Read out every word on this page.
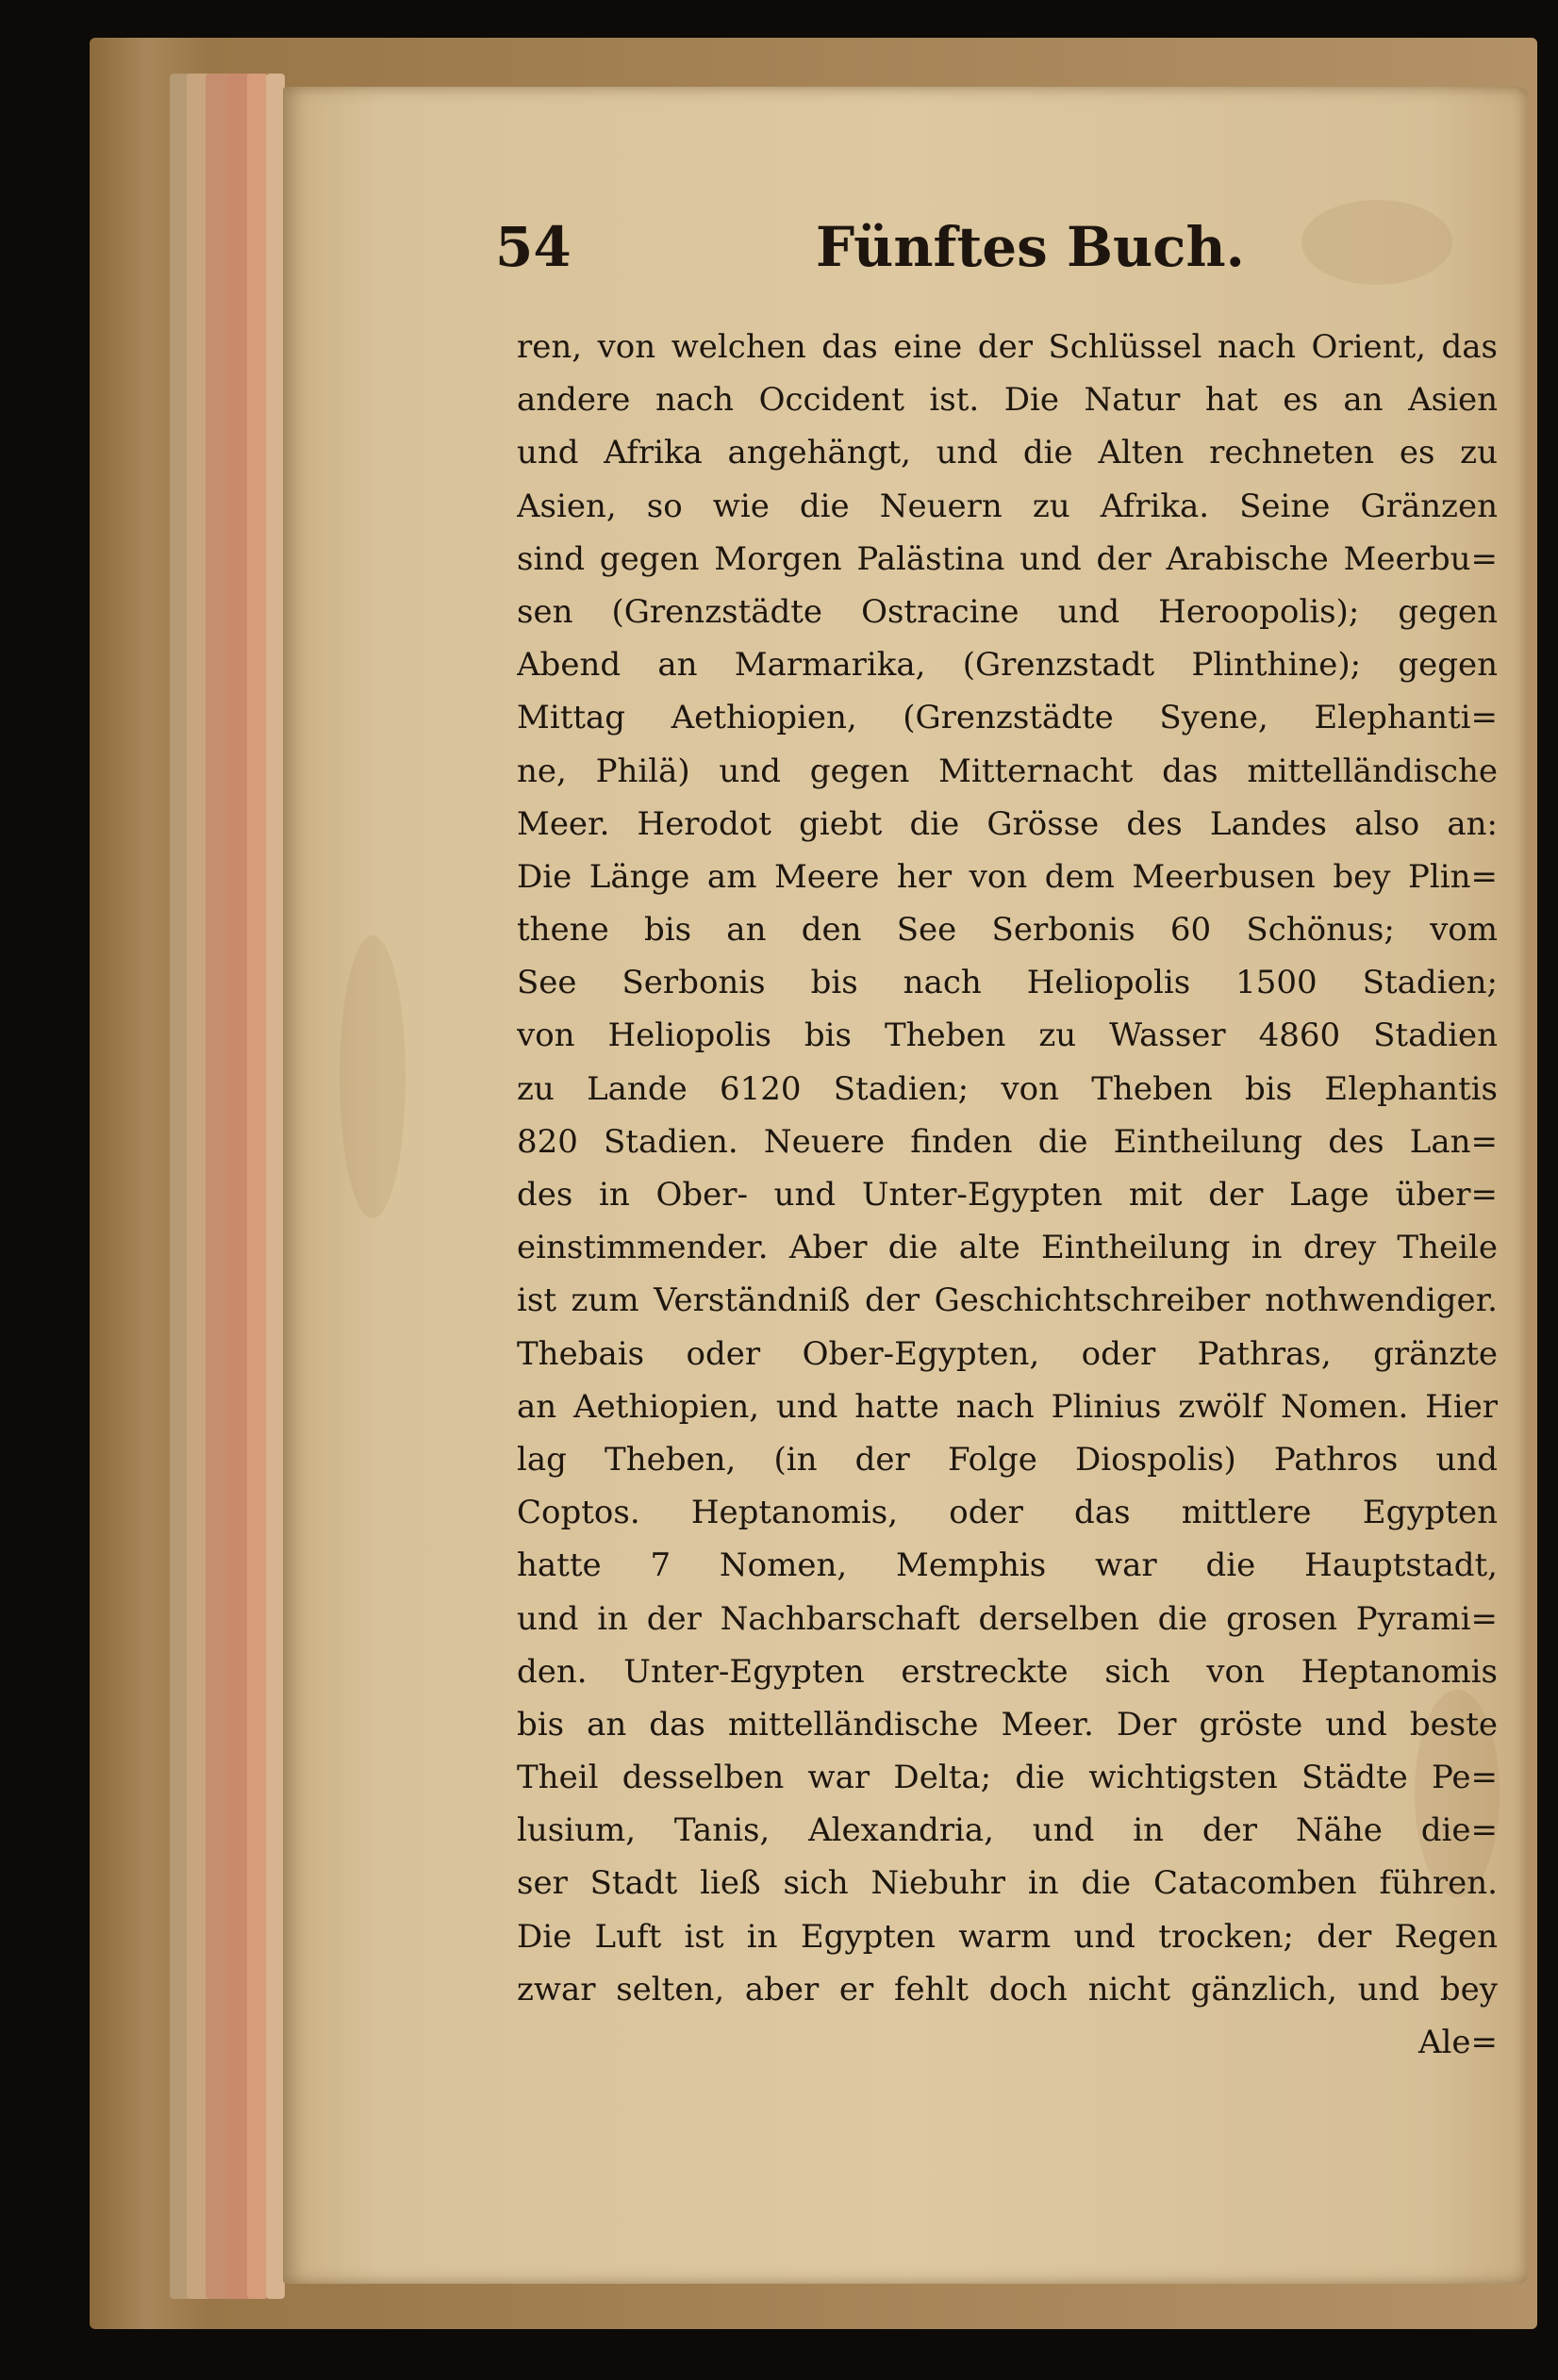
54	Fünftes Buch.
ren, von welchen das eine der Schlüssel nach Orient, das
andere nach Occident ist. Die Natur hat es an Asien
und Afrika angehängt, und die Alten rechneten es zu
Asien, so wie die Neuern zu Afrika. Seine Gränzen
sind gegen Morgen Palästina und der Arabische Meerbu=
sen (Grenzstädte Ostracine und Heroopolis); gegen
Abend an Marmarika, (Grenzstadt Plinthine); gegen
Mittag Aethiopien, (Grenzstädte Syene, Elephanti=
ne, Philä) und gegen Mitternacht das mittelländische
Meer. Herodot giebt die Grösse des Landes also an:
Die Länge am Meere her von dem Meerbusen bey Plin=
thene bis an den See Serbonis 60 Schönus; vom
See Serbonis bis nach Heliopolis 1500 Stadien;
von Heliopolis bis Theben zu Wasser 4860 Stadien
zu Lande 6120 Stadien; von Theben bis Elephantis
820 Stadien. Neuere finden die Eintheilung des Lan=
des in Ober- und Unter-Egypten mit der Lage über=
einstimmender. Aber die alte Eintheilung in drey Theile
ist zum Verständniß der Geschichtschreiber nothwendiger.
Thebais oder Ober-Egypten, oder Pathras, gränzte
an Aethiopien, und hatte nach Plinius zwölf Nomen. Hier
lag Theben, (in der Folge Diospolis) Pathros und
Coptos. Heptanomis, oder das mittlere Egypten
hatte 7 Nomen, Memphis war die Hauptstadt,
und in der Nachbarschaft derselben die grosen Pyrami=
den. Unter-Egypten erstreckte sich von Heptanomis
bis an das mittelländische Meer. Der gröste und beste
Theil desselben war Delta; die wichtigsten Städte Pe=
lusium, Tanis, Alexandria, und in der Nähe die=
ser Stadt ließ sich Niebuhr in die Catacomben führen.
Die Luft ist in Egypten warm und trocken; der Regen
zwar selten, aber er fehlt doch nicht gänzlich, und bey
Ale=
